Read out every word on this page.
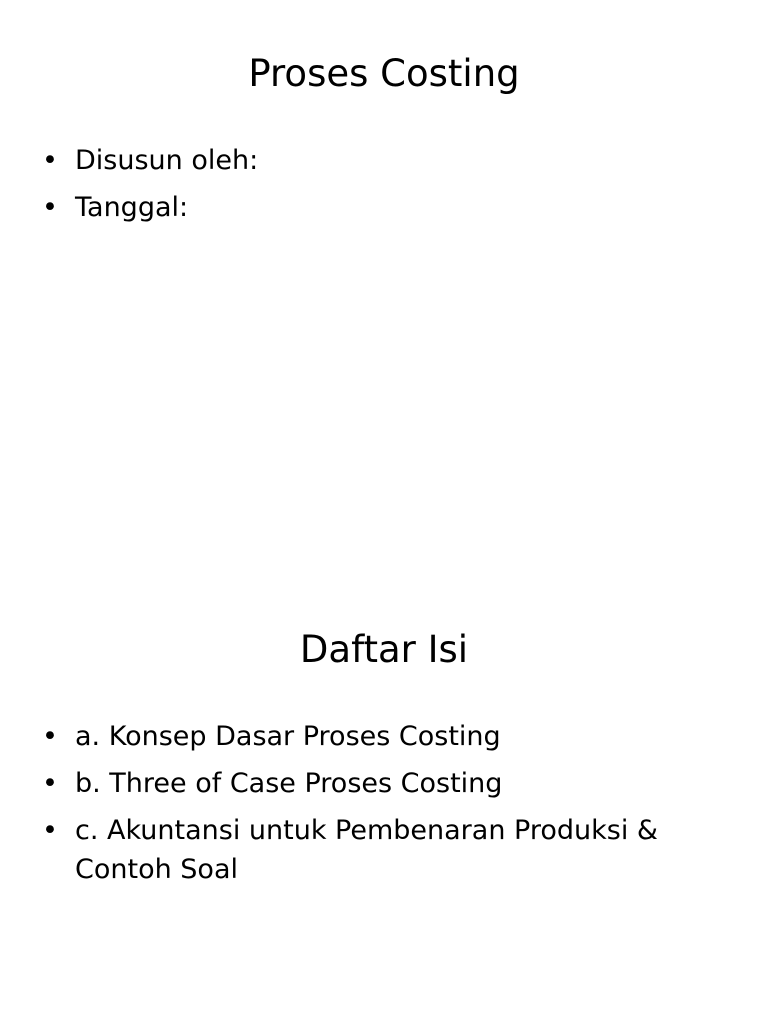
Proses Costing
• Disusun oleh:
• Tanggal:
Daftar Isi
• a. Konsep Dasar Proses Costing
• b. Three of Case Proses Costing
• c. Akuntansi untuk Pembenaran Produksi & Contoh Soal
